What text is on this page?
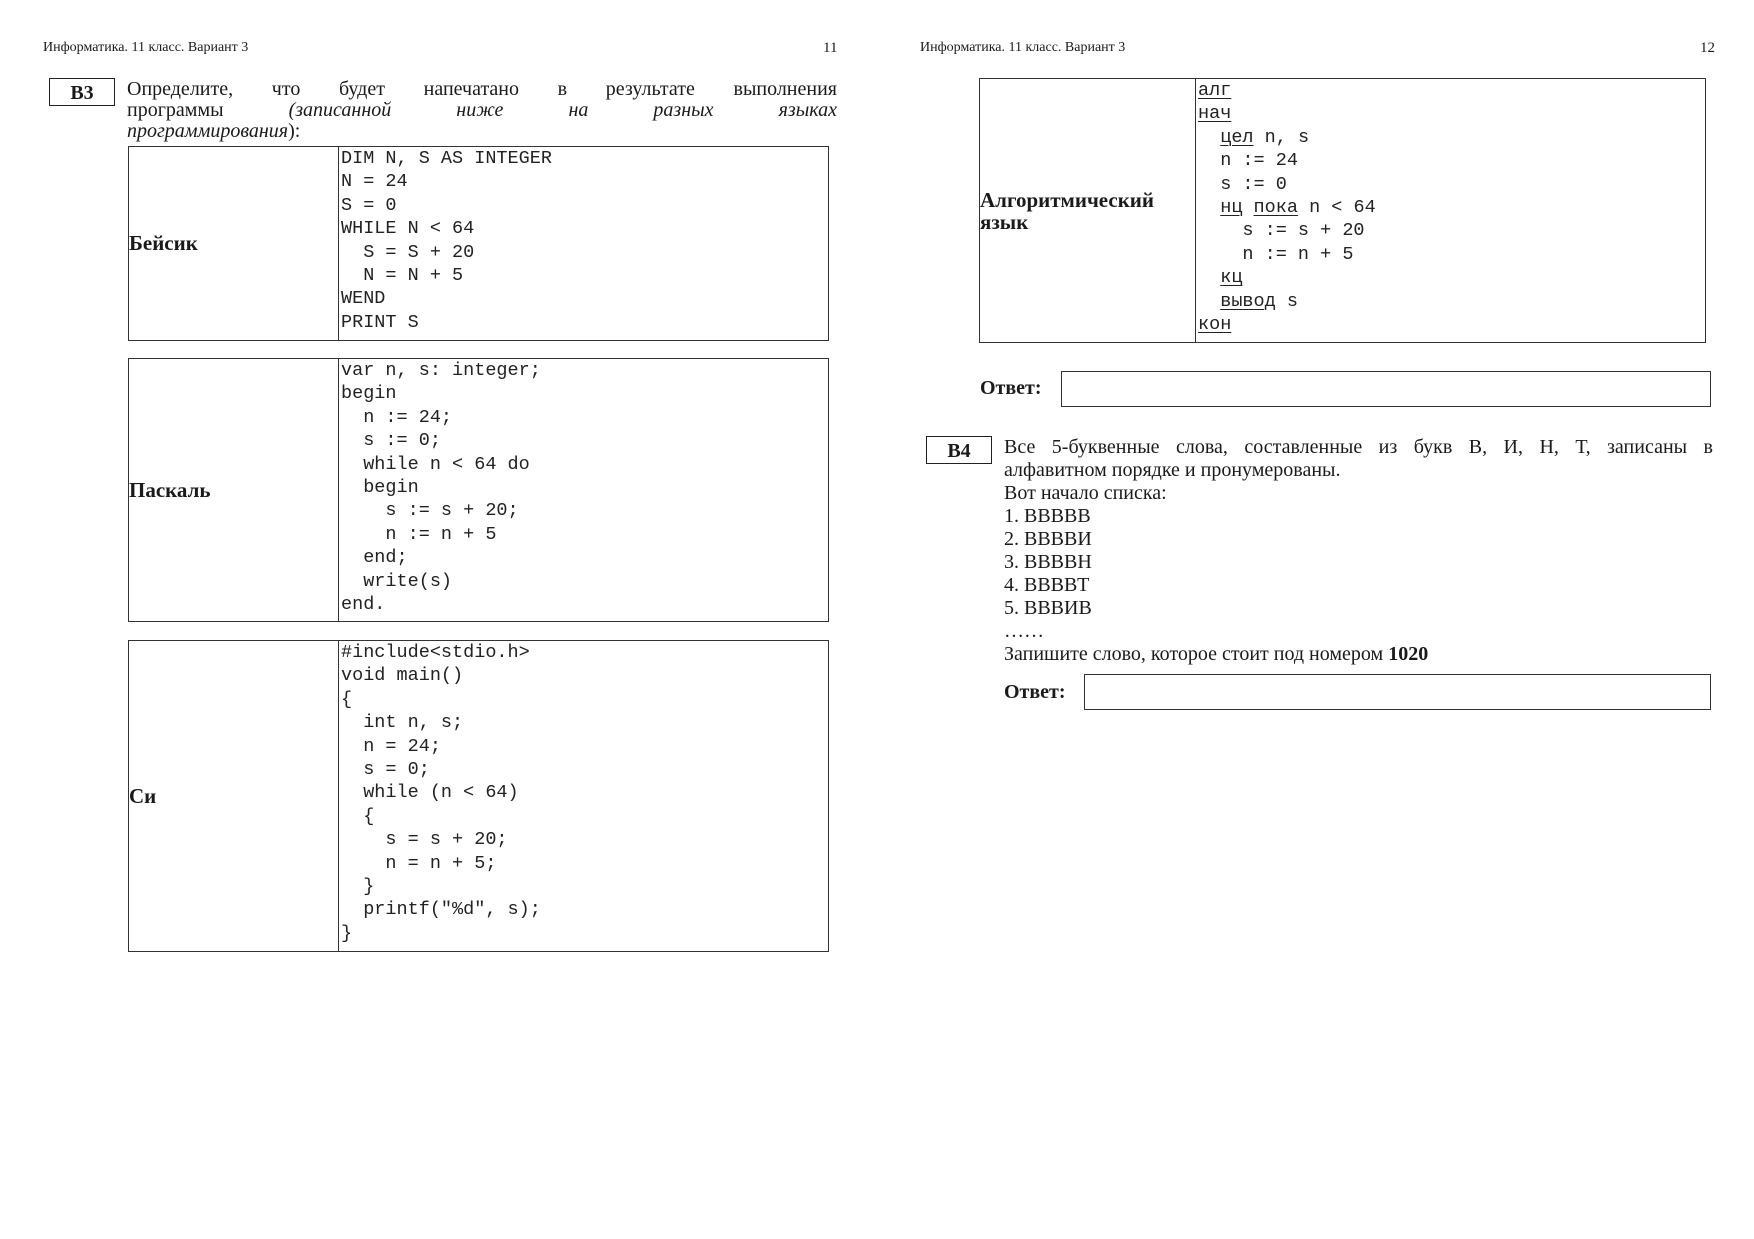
Информатика. 11 класс. Вариант 3	11
B3	Определите, что будет напечатано в результате выполнения
программы	(записанной	ниже	на	разных	языках
программирования):
Бейсик	
DIM N, S AS INTEGER
N = 24
S = 0
WHILE N < 64
S = S + 20
N = N + 5
WEND
PRINT S
Паскаль	
var n, s: integer;
begin
n := 24;
s := 0;
while n < 64 do
begin
s := s + 20;
n := n + 5
end;
write(s)
end.
Си	
#include<stdio.h>
void main()
{
int n, s;
n = 24;
s = 0;
while (n < 64)
{
s = s + 20;
n = n + 5;
}
printf("%d", s);
}
Информатика. 11 класс. Вариант 3	12
Алгоритмический
язык

алг
нач
цел n, s
n := 24
s := 0
нц пока n < 64
s := s + 20
n := n + 5
кц
вывод s
кон
Ответ:
B4	Все 5-буквенные слова, составленные из букв В, И, Н, Т, записаны в
алфавитном порядке и пронумерованы.
Вот начало списка:
1. ВВВВВ
2. ВВВВИ
3. ВВВВН
4. ВВВВТ
5. ВВВИВ
……
Запишите слово, которое стоит под номером 1020
Ответ:
